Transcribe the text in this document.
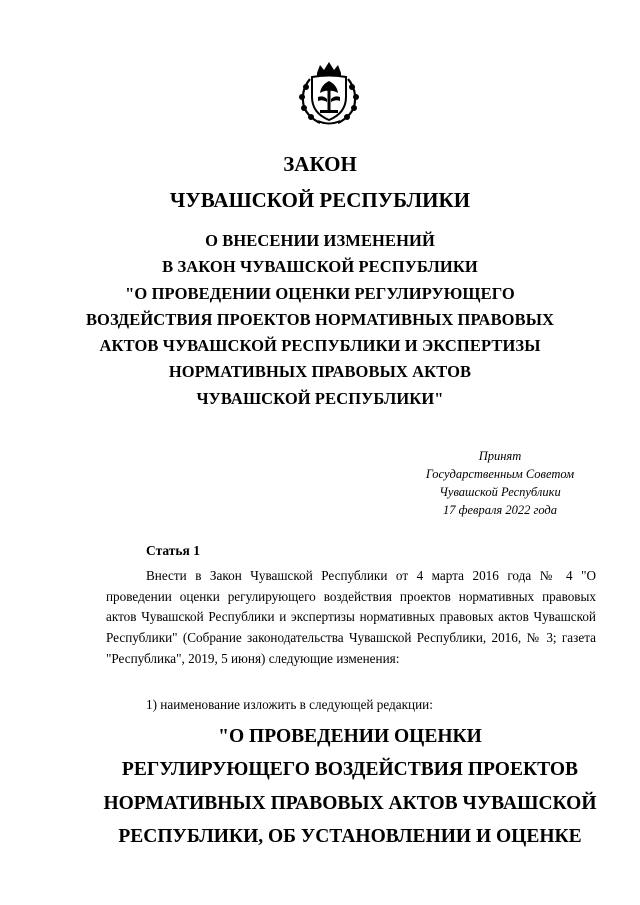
ЗАКОН
ЧУВАШСКОЙ РЕСПУБЛИКИ
О ВНЕСЕНИИ ИЗМЕНЕНИЙ
В ЗАКОН ЧУВАШСКОЙ РЕСПУБЛИКИ
"О ПРОВЕДЕНИИ ОЦЕНКИ РЕГУЛИРУЮЩЕГО
ВОЗДЕЙСТВИЯ ПРОЕКТОВ НОРМАТИВНЫХ ПРАВОВЫХ
АКТОВ ЧУВАШСКОЙ РЕСПУБЛИКИ И ЭКСПЕРТИЗЫ
НОРМАТИВНЫХ ПРАВОВЫХ АКТОВ
ЧУВАШСКОЙ РЕСПУБЛИКИ"
Принят
Государственным Советом
Чувашской Республики
17 февраля 2022 года
Статья 1

Внести в Закон Чувашской Республики от 4 марта 2016 года № 4 "О проведении оценки регулирующего воздействия проектов нормативных правовых актов Чувашской Республики и экспертизы нормативных правовых актов Чувашской Республики" (Собрание законодательства Чувашской Республики, 2016, № 3; газета "Республика", 2019, 5 июня) следующие изменения:

1) наименование изложить в следующей редакции:
"О ПРОВЕДЕНИИ ОЦЕНКИ
РЕГУЛИРУЮЩЕГО ВОЗДЕЙСТВИЯ ПРОЕКТОВ
НОРМАТИВНЫХ ПРАВОВЫХ АКТОВ ЧУВАШСКОЙ
РЕСПУБЛИКИ, ОБ УСТАНОВЛЕНИИ И ОЦЕНКЕ
